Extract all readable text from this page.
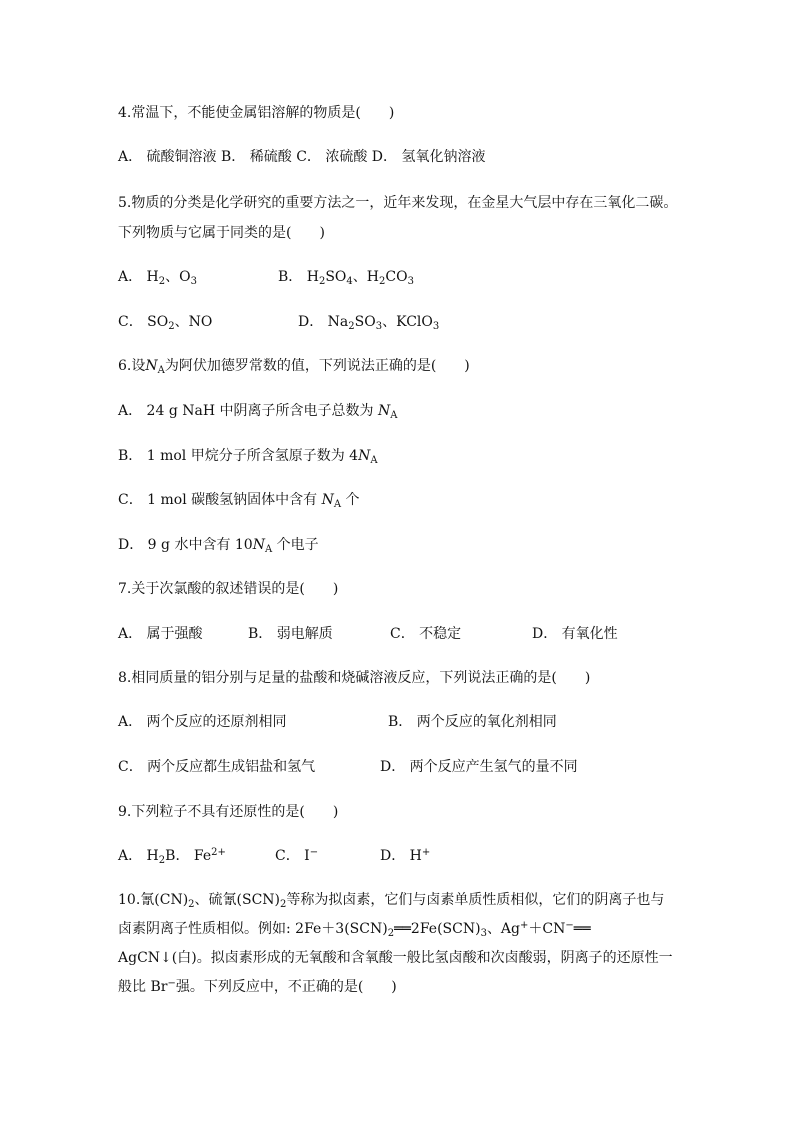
4.常温下，不能使金属铝溶解的物质是(　　)
A． 硫酸铜溶液 B． 稀硫酸 C． 浓硫酸 D． 氢氧化钠溶液
5.物质的分类是化学研究的重要方法之一，近年来发现，在金星大气层中存在三氧化二碳。
下列物质与它属于同类的是(　　)
A． $H_2$、$O_3$	B． $H_2SO_4$、$H_2CO_3$
C． $SO_2$、NO	D． $Na_2SO_3$、KClO$_3$
6.设$N_A$为阿伏加德罗常数的值，下列说法正确的是(　　)
A． 24 g NaH 中阴离子所含电子总数为 $N_A$
B． 1 mol 甲烷分子所含氢原子数为 $4N_A$
C． 1 mol 碳酸氢钠固体中含有 $N_A$ 个
D． 9 g 水中含有 $10N_A$ 个电子
7.关于次氯酸的叙述错误的是(　　)
A． 属于强酸	B． 弱电解质	C． 不稳定	D． 有氧化性
8.相同质量的铝分别与足量的盐酸和烧碱溶液反应，下列说法正确的是(　　)
A． 两个反应的还原剂相同	B． 两个反应的氧化剂相同
C． 两个反应都生成铝盐和氢气	D． 两个反应产生氢气的量不同
9.下列粒子不具有还原性的是(　　)
A． $H_2B$． $Fe^{2+}$	C． I−	D． H+
10.氰$(CN)_2$、硫氰$(SCN)_2$等称为拟卤素，它们与卤素单质性质相似，它们的阴离子也与卤素阴离子性质相似。例如: $2Fe+3(SCN)_2══2Fe(SCN)_3$、Ag+＋CN−══ AgCN↓(白)。拟卤素形成的无氧酸和含氧酸一般比氢卤酸和次卤酸弱，阴离子的还原性一般比 Br−强。下列反应中，不正确的是(　　)
